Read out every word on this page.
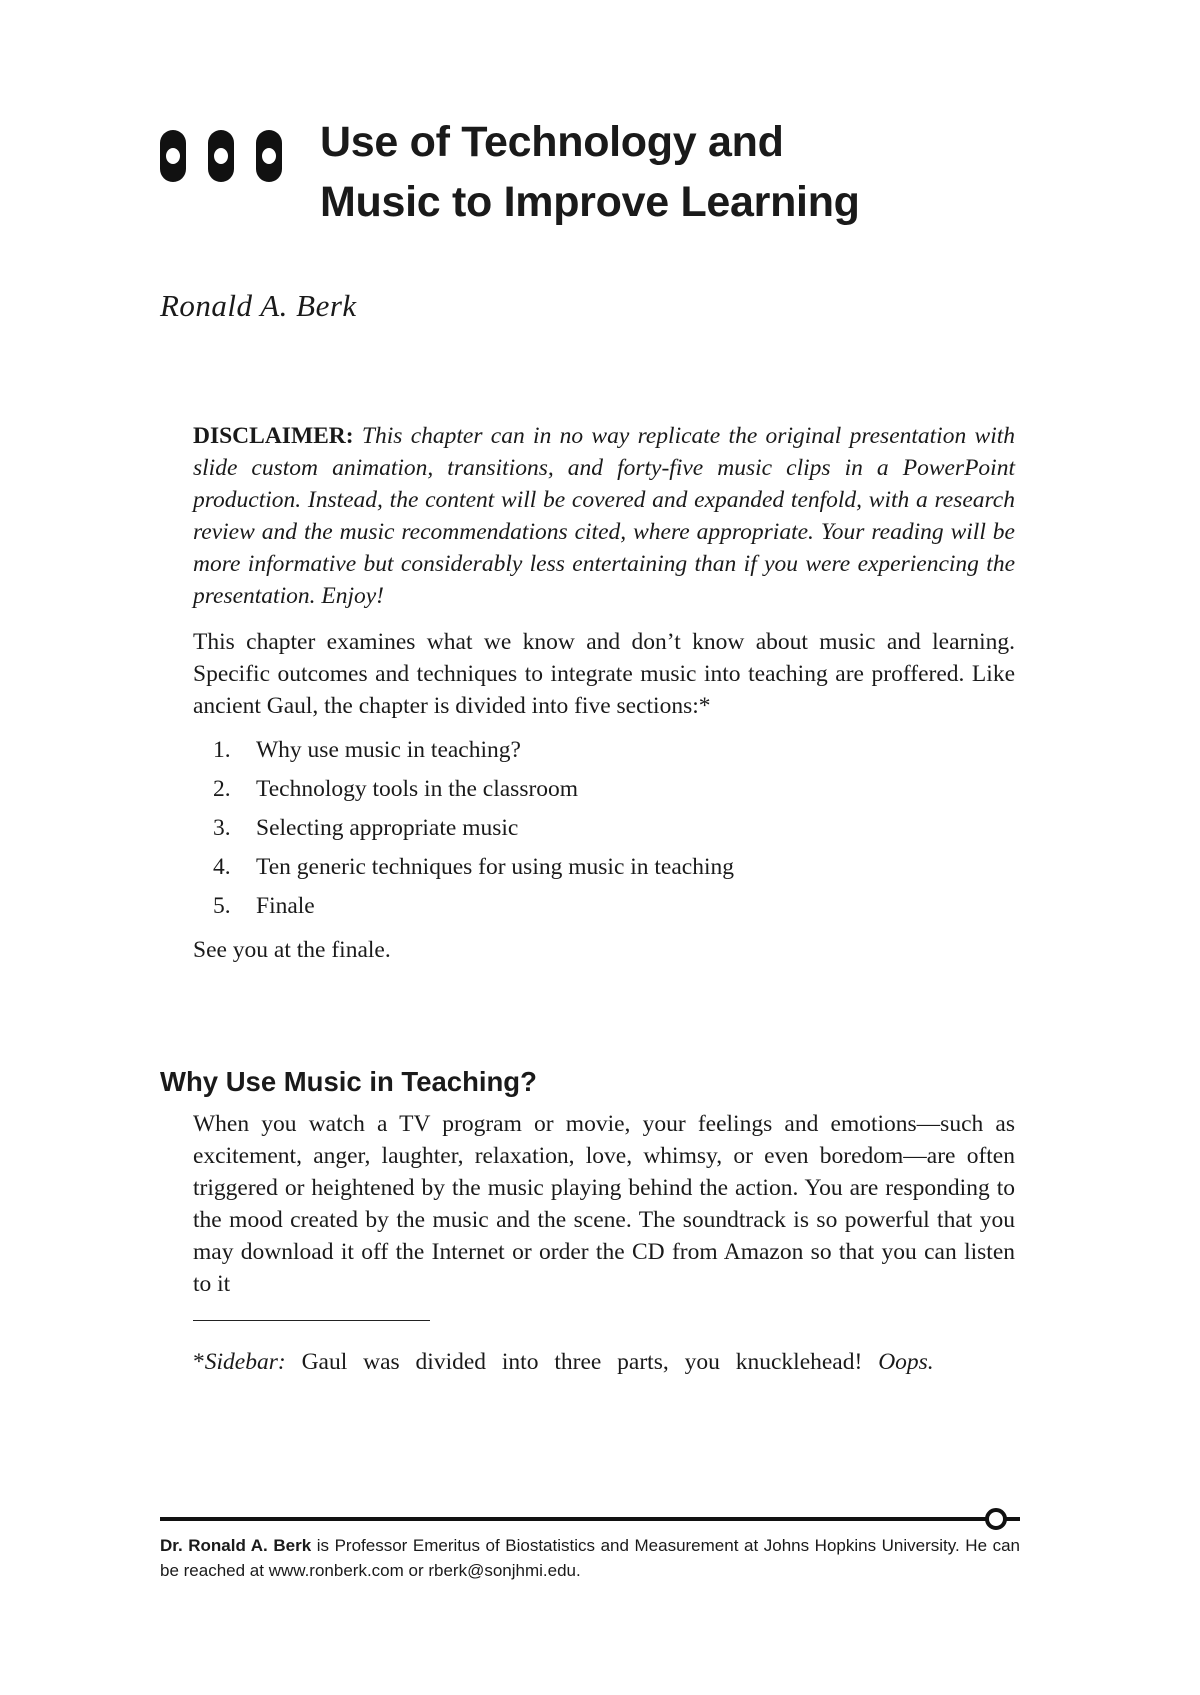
Use of Technology and
Music to Improve Learning

Ronald A. Berk

DISCLAIMER: This chapter can in no way replicate the original presentation with slide custom animation, transitions, and forty-five music clips in a PowerPoint production. Instead, the content will be covered and expanded tenfold, with a research review and the music recommendations cited, where appropriate. Your reading will be more informative but considerably less entertaining than if you were experiencing the presentation. Enjoy!

This chapter examines what we know and don’t know about music and learning. Specific outcomes and techniques to integrate music into teaching are proffered. Like ancient Gaul, the chapter is divided into five sections:*

1.	Why use music in teaching?
2.	Technology tools in the classroom
3.	Selecting appropriate music
4.	Ten generic techniques for using music in teaching
5.	Finale

See you at the finale.

Why Use Music in Teaching?

When you watch a TV program or movie, your feelings and emotions—such as excitement, anger, laughter, relaxation, love, whimsy, or even boredom—are often triggered or heightened by the music playing behind the action. You are responding to the mood created by the music and the scene. The soundtrack is so powerful that you may download it off the Internet or order the CD from Amazon so that you can listen to it

*Sidebar: Gaul was divided into three parts, you knucklehead! Oops.

Dr. Ronald A. Berk is Professor Emeritus of Biostatistics and Measurement at Johns Hopkins University. He can be reached at www.ronberk.com or rberk@sonjhmi.edu.
